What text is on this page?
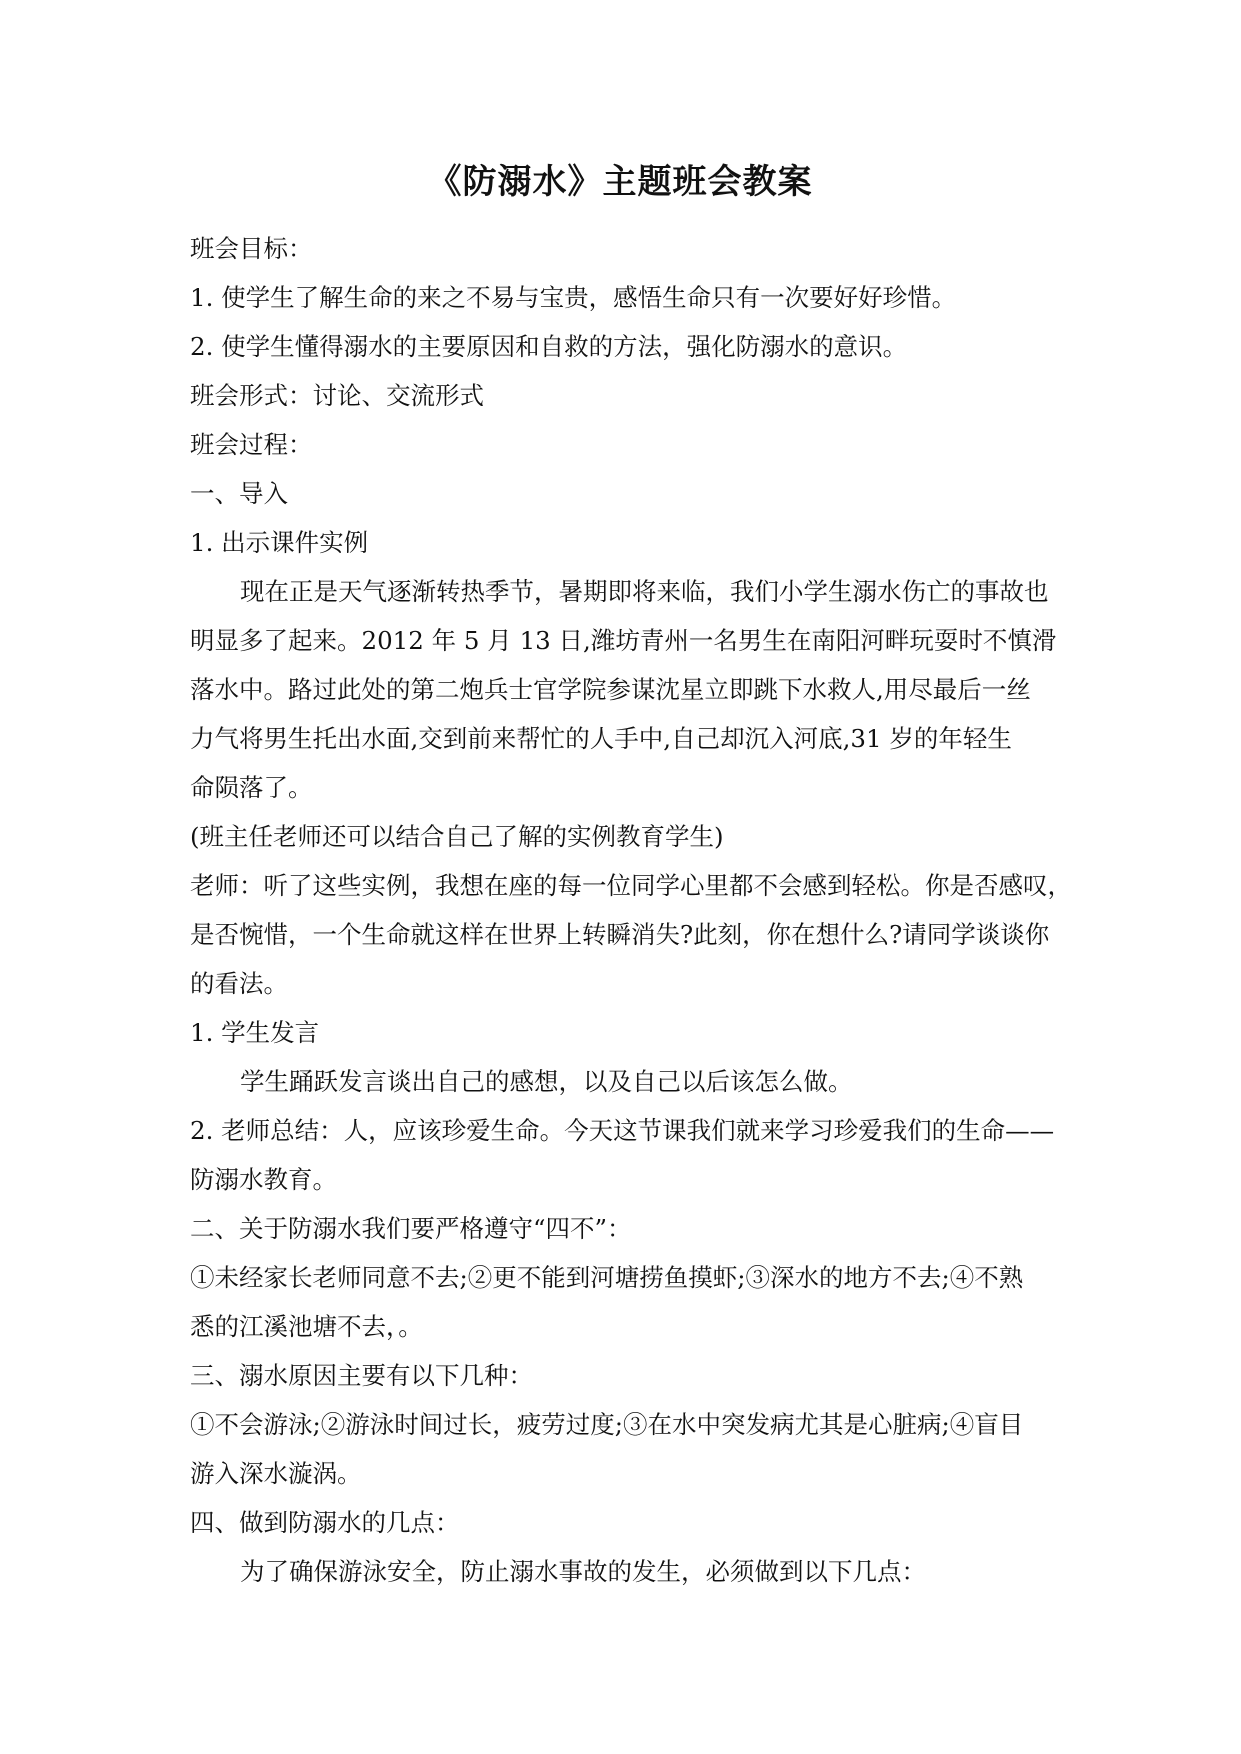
《防溺水》主题班会教案
班会目标：
1. 使学生了解生命的来之不易与宝贵，感悟生命只有一次要好好珍惜。
2. 使学生懂得溺水的主要原因和自救的方法，强化防溺水的意识。
班会形式：讨论、交流形式
班会过程：
一、导入
1. 出示课件实例
现在正是天气逐渐转热季节，暑期即将来临，我们小学生溺水伤亡的事故也
明显多了起来。2012 年 5 月 13 日,潍坊青州一名男生在南阳河畔玩耍时不慎滑
落水中。路过此处的第二炮兵士官学院参谋沈星立即跳下水救人,用尽最后一丝
力气将男生托出水面,交到前来帮忙的人手中,自己却沉入河底,31 岁的年轻生
命陨落了。
(班主任老师还可以结合自己了解的实例教育学生)
老师：听了这些实例，我想在座的每一位同学心里都不会感到轻松。你是否感叹，
是否惋惜，一个生命就这样在世界上转瞬消失?此刻，你在想什么?请同学谈谈你
的看法。
1. 学生发言
学生踊跃发言谈出自己的感想，以及自己以后该怎么做。
2. 老师总结：人，应该珍爱生命。今天这节课我们就来学习珍爱我们的生命——
防溺水教育。
二、关于防溺水我们要严格遵守“四不”：
①未经家长老师同意不去;②更不能到河塘捞鱼摸虾;③深水的地方不去;④不熟
悉的江溪池塘不去，。
三、溺水原因主要有以下几种：
①不会游泳;②游泳时间过长，疲劳过度;③在水中突发病尤其是心脏病;④盲目
游入深水漩涡。
四、做到防溺水的几点：
为了确保游泳安全，防止溺水事故的发生，必须做到以下几点：
